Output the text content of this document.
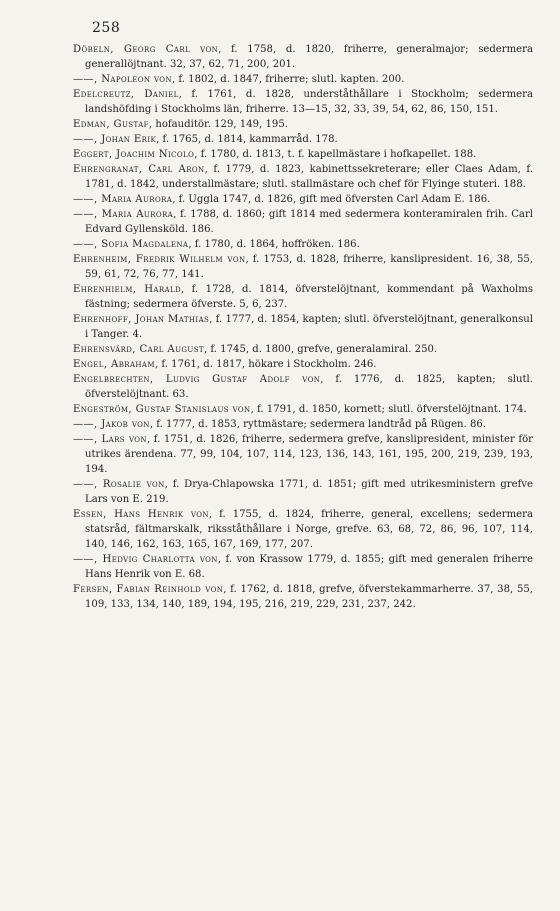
258

Döbeln, Georg Carl von, f. 1758, d. 1820, friherre, generalmajor; sedermera generallöjtnant. 32, 37, 62, 71, 200, 201.

——, Napoleon von, f. 1802, d. 1847, friherre; slutl. kapten. 200.

Edelcreutz, Daniel, f. 1761, d. 1828, underståthållare i Stockholm; sedermera landshöfding i Stockholms län, friherre. 13—15, 32, 33, 39, 54, 62, 86, 150, 151.

Edman, Gustaf, hofauditör. 129, 149, 195.

——, Johan Erik, f. 1765, d. 1814, kammarråd. 178.

Eggert, Joachim Nicolo, f. 1780, d. 1813, t. f. kapellmästare i hofkapellet. 188.

Ehrengranat, Carl Aron, f. 1779, d. 1823, kabinettssekreterare; eller Claes Adam, f. 1781, d. 1842, understallmästare; slutl. stallmästare och chef för Flyinge stuteri. 188.

——, Maria Aurora, f. Uggla 1747, d. 1826, gift med öfversten Carl Adam E. 186.

——, Maria Aurora, f. 1788, d. 1860; gift 1814 med sedermera konteramiralen frih. Carl Edvard Gyllensköld. 186.

——, Sofia Magdalena, f. 1780, d. 1864, hoffröken. 186.

Ehrenheim, Fredrik Wilhelm von, f. 1753, d. 1828, friherre, kanslipresident. 16, 38, 55, 59, 61, 72, 76, 77, 141.

Ehrenhielm, Harald, f. 1728, d. 1814, öfverstelöjtnant, kommendant på Waxholms fästning; sedermera öfverste. 5, 6, 237.

Ehrenhoff, Johan Mathias, f. 1777, d. 1854, kapten; slutl. öfverstelöjtnant, generalkonsul i Tanger. 4.

Ehrensvärd, Carl August, f. 1745, d. 1800, grefve, generalamiral. 250.

Engel, Abraham, f. 1761, d. 1817, hökare i Stockholm. 246.

Engelbrechten, Ludvig Gustaf Adolf von, f. 1776, d. 1825, kapten; slutl. öfverstelöjtnant. 63.

Engeström, Gustaf Stanislaus von, f. 1791, d. 1850, kornett; slutl. öfverstelöjtnant. 174.

——, Jakob von, f. 1777, d. 1853, ryttmästare; sedermera landtråd på Rügen. 86.

——, Lars von, f. 1751, d. 1826, friherre, sedermera grefve, kanslipresident, minister för utrikes ärendena. 77, 99, 104, 107, 114, 123, 136, 143, 161, 195, 200, 219, 239, 193, 194.

——, Rosalie von, f. Dryа-Chlapowska 1771, d. 1851; gift med utrikesministern grefve Lars von E. 219.

Essen, Hans Henrik von, f. 1755, d. 1824, friherre, general, excellens; sedermera statsråd, fältmarskalk, riksståthållare i Norge, grefve. 63, 68, 72, 86, 96, 107, 114, 140, 146, 162, 163, 165, 167, 169, 177, 207.

——, Hedvig Charlotta von, f. von Krassow 1779, d. 1855; gift med generalen friherre Hans Henrik von E. 68.

Fersen, Fabian Reinhold von, f. 1762, d. 1818, grefve, öfverstekammarherre. 37, 38, 55, 109, 133, 134, 140, 189, 194, 195, 216, 219, 229, 231, 237, 242.
